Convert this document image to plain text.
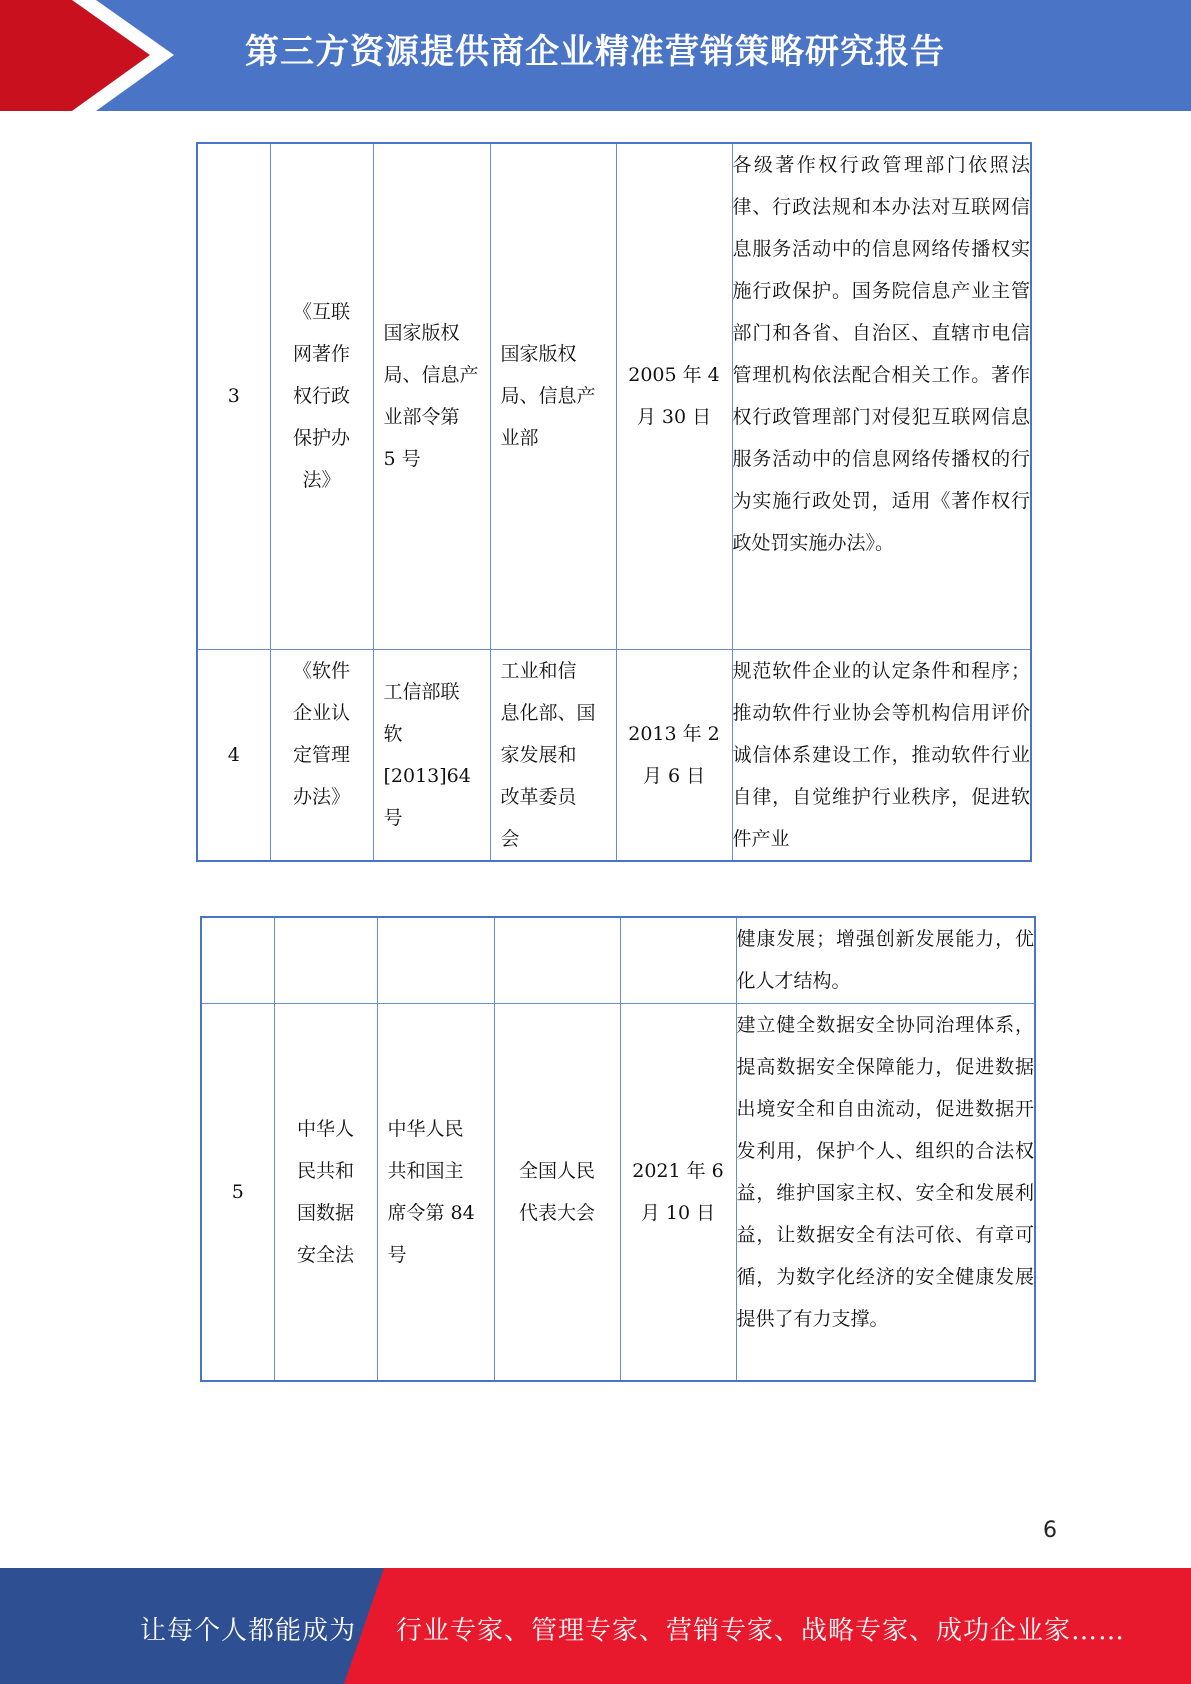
第三方资源提供商企业精准营销策略研究报告
3	《互联
网著作
权行政
保护办
法》	国家版权
局、信息产
业部令第
5 号	国家版权
局、信息产
业部	2005 年 4
月 30 日	各级著作权行政管理部门依照法律、行政法规和本办法对互联网信息服务活动中的信息网络传播权实施行政保护。国务院信息产业主管部门和各省、自治区、直辖市电信管理机构依法配合相关工作。著作权行政管理部门对侵犯互联网信息服务活动中的信息网络传播权的行为实施行政处罚，适用《著作权行政处罚实施办法》。
4	《软件
企业认
定管理
办法》	工信部联
软
[2013]64
号	工业和信
息化部、国
家发展和
改革委员
会	2013 年 2
月 6 日	规范软件企业的认定条件和程序；推动软件行业协会等机构信用评价诚信体系建设工作，推动软件行业自律，自觉维护行业秩序，促进软件产业
					健康发展；增强创新发展能力，优化人才结构。
5	中华人
民共和
国数据
安全法	中华人民
共和国主
席令第 84
号	全国人民
代表大会	2021 年 6
月 10 日	建立健全数据安全协同治理体系，提高数据安全保障能力，促进数据出境安全和自由流动，促进数据开发利用，保护个人、组织的合法权益，维护国家主权、安全和发展利益，让数据安全有法可依、有章可循，为数字化经济的安全健康发展提供了有力支撑。
6
让每个人都能成为 行业专家、管理专家、营销专家、战略专家、成功企业家……
